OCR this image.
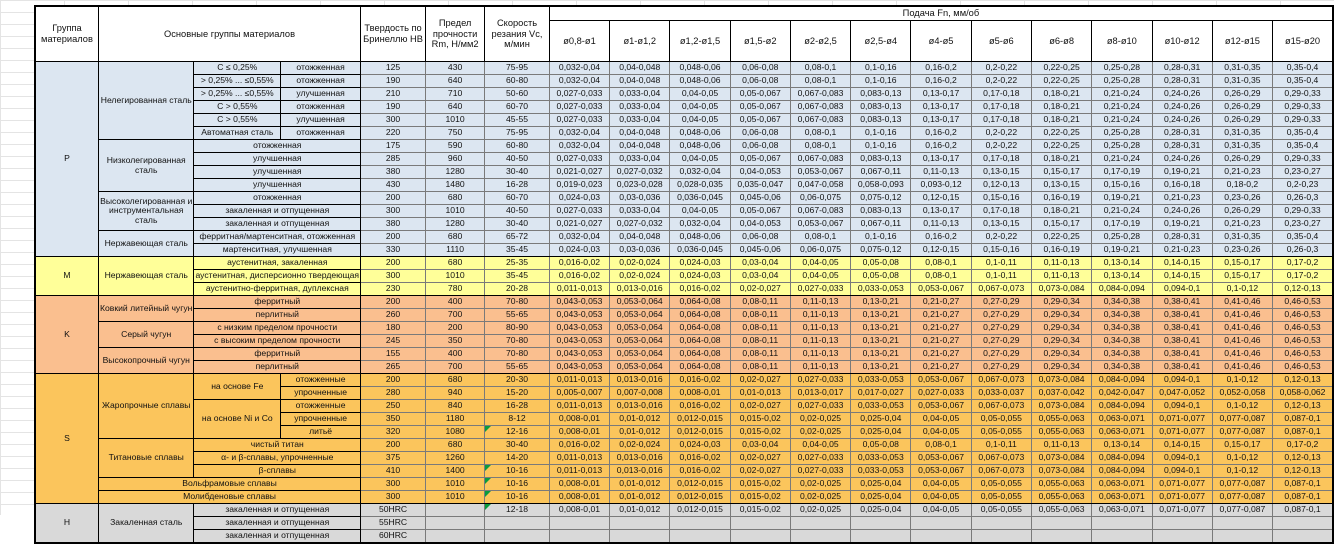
Группа материалов	Основные группы материалов			Твердость по Бринеллю HB	Предел прочности Rm, Н/мм2	Скорость резания Vc, м/мин	Подача Fn, мм/об												
							ø0,8-ø1	ø1-ø1,2	ø1,2-ø1,5	ø1,5-ø2	ø2-ø2,5	ø2,5-ø4	ø4-ø5	ø5-ø6	ø6-ø8	ø8-ø10	ø10-ø12	ø12-ø15	ø15-ø20
P	Нелегированная сталь	С ≤ 0,25%	отожженная	125	430	75-95	0,032-0,04	0,04-0,048	0,048-0,06	0,06-0,08	0,08-0,1	0,1-0,16	0,16-0,2	0,2-0,22	0,22-0,25	0,25-0,28	0,28-0,31	0,31-0,35	0,35-0,4
		> 0,25% ... ≤0,55%	отожженная	190	640	60-80	0,032-0,04	0,04-0,048	0,048-0,06	0,06-0,08	0,08-0,1	0,1-0,16	0,16-0,2	0,2-0,22	0,22-0,25	0,25-0,28	0,28-0,31	0,31-0,35	0,35-0,4
		> 0,25% ... ≤0,55%	улучшенная	210	710	50-60	0,027-0,033	0,033-0,04	0,04-0,05	0,05-0,067	0,067-0,083	0,083-0,13	0,13-0,17	0,17-0,18	0,18-0,21	0,21-0,24	0,24-0,26	0,26-0,29	0,29-0,33
		С > 0,55%	отожженная	190	640	60-70	0,027-0,033	0,033-0,04	0,04-0,05	0,05-0,067	0,067-0,083	0,083-0,13	0,13-0,17	0,17-0,18	0,18-0,21	0,21-0,24	0,24-0,26	0,26-0,29	0,29-0,33
		С > 0,55%	улучшенная	300	1010	45-55	0,027-0,033	0,033-0,04	0,04-0,05	0,05-0,067	0,067-0,083	0,083-0,13	0,13-0,17	0,17-0,18	0,18-0,21	0,21-0,24	0,24-0,26	0,26-0,29	0,29-0,33
		Автоматная сталь	отожженная	220	750	75-95	0,032-0,04	0,04-0,048	0,048-0,06	0,06-0,08	0,08-0,1	0,1-0,16	0,16-0,2	0,2-0,22	0,22-0,25	0,25-0,28	0,28-0,31	0,31-0,35	0,35-0,4
	Низколегированная сталь	отожженная		175	590	60-80	0,032-0,04	0,04-0,048	0,048-0,06	0,06-0,08	0,08-0,1	0,1-0,16	0,16-0,2	0,2-0,22	0,22-0,25	0,25-0,28	0,28-0,31	0,31-0,35	0,35-0,4
		улучшенная		285	960	40-50	0,027-0,033	0,033-0,04	0,04-0,05	0,05-0,067	0,067-0,083	0,083-0,13	0,13-0,17	0,17-0,18	0,18-0,21	0,21-0,24	0,24-0,26	0,26-0,29	0,29-0,33
		улучшенная		380	1280	30-40	0,021-0,027	0,027-0,032	0,032-0,04	0,04-0,053	0,053-0,067	0,067-0,11	0,11-0,13	0,13-0,15	0,15-0,17	0,17-0,19	0,19-0,21	0,21-0,23	0,23-0,27
		улучшенная		430	1480	16-28	0,019-0,023	0,023-0,028	0,028-0,035	0,035-0,047	0,047-0,058	0,058-0,093	0,093-0,12	0,12-0,13	0,13-0,15	0,15-0,16	0,16-0,18	0,18-0,2	0,2-0,23
	Высоколегированная и инструментальная сталь	отожженная		200	680	60-70	0,024-0,03	0,03-0,036	0,036-0,045	0,045-0,06	0,06-0,075	0,075-0,12	0,12-0,15	0,15-0,16	0,16-0,19	0,19-0,21	0,21-0,23	0,23-0,26	0,26-0,3
		закаленная и отпущенная		300	1010	40-50	0,027-0,033	0,033-0,04	0,04-0,05	0,05-0,067	0,067-0,083	0,083-0,13	0,13-0,17	0,17-0,18	0,18-0,21	0,21-0,24	0,24-0,26	0,26-0,29	0,29-0,33
		закаленная и отпущенная		380	1280	30-40	0,021-0,027	0,027-0,032	0,032-0,04	0,04-0,053	0,053-0,067	0,067-0,11	0,11-0,13	0,13-0,15	0,15-0,17	0,17-0,19	0,19-0,21	0,21-0,23	0,23-0,27
	Нержавеющая сталь	ферритная/мартенситная, отожженная		200	680	65-72	0,032-0,04	0,04-0,048	0,048-0,06	0,06-0,08	0,08-0,1	0,1-0,16	0,16-0,2	0,2-0,22	0,22-0,25	0,25-0,28	0,28-0,31	0,31-0,35	0,35-0,4
		мартенситная, улучшенная		330	1110	35-45	0,024-0,03	0,03-0,036	0,036-0,045	0,045-0,06	0,06-0,075	0,075-0,12	0,12-0,15	0,15-0,16	0,16-0,19	0,19-0,21	0,21-0,23	0,23-0,26	0,26-0,3
M	Нержавеющая сталь	аустенитная, закаленная		200	680	25-35	0,016-0,02	0,02-0,024	0,024-0,03	0,03-0,04	0,04-0,05	0,05-0,08	0,08-0,1	0,1-0,11	0,11-0,13	0,13-0,14	0,14-0,15	0,15-0,17	0,17-0,2
		аустенитная, дисперсионно твердеющая		300	1010	35-45	0,016-0,02	0,02-0,024	0,024-0,03	0,03-0,04	0,04-0,05	0,05-0,08	0,08-0,1	0,1-0,11	0,11-0,13	0,13-0,14	0,14-0,15	0,15-0,17	0,17-0,2
		аустенитно-ферритная, дуплексная		230	780	20-28	0,011-0,013	0,013-0,016	0,016-0,02	0,02-0,027	0,027-0,033	0,033-0,053	0,053-0,067	0,067-0,073	0,073-0,084	0,084-0,094	0,094-0,1	0,1-0,12	0,12-0,13
K	Ковкий литейный чугун	ферритный		200	400	70-80	0,043-0,053	0,053-0,064	0,064-0,08	0,08-0,11	0,11-0,13	0,13-0,21	0,21-0,27	0,27-0,29	0,29-0,34	0,34-0,38	0,38-0,41	0,41-0,46	0,46-0,53
		перлитный		260	700	55-65	0,043-0,053	0,053-0,064	0,064-0,08	0,08-0,11	0,11-0,13	0,13-0,21	0,21-0,27	0,27-0,29	0,29-0,34	0,34-0,38	0,38-0,41	0,41-0,46	0,46-0,53
	Серый чугун	с низким пределом прочности		180	200	80-90	0,043-0,053	0,053-0,064	0,064-0,08	0,08-0,11	0,11-0,13	0,13-0,21	0,21-0,27	0,27-0,29	0,29-0,34	0,34-0,38	0,38-0,41	0,41-0,46	0,46-0,53
		с высоким пределом прочности		245	350	70-80	0,043-0,053	0,053-0,064	0,064-0,08	0,08-0,11	0,11-0,13	0,13-0,21	0,21-0,27	0,27-0,29	0,29-0,34	0,34-0,38	0,38-0,41	0,41-0,46	0,46-0,53
	Высокопрочный чугун	ферритный		155	400	70-80	0,043-0,053	0,053-0,064	0,064-0,08	0,08-0,11	0,11-0,13	0,13-0,21	0,21-0,27	0,27-0,29	0,29-0,34	0,34-0,38	0,38-0,41	0,41-0,46	0,46-0,53
		перлитный		265	700	55-65	0,043-0,053	0,053-0,064	0,064-0,08	0,08-0,11	0,11-0,13	0,13-0,21	0,21-0,27	0,27-0,29	0,29-0,34	0,34-0,38	0,38-0,41	0,41-0,46	0,46-0,53
S	Жаропрочные сплавы	на основе Fe	отожженные	200	680	20-30	0,011-0,013	0,013-0,016	0,016-0,02	0,02-0,027	0,027-0,033	0,033-0,053	0,053-0,067	0,067-0,073	0,073-0,084	0,084-0,094	0,094-0,1	0,1-0,12	0,12-0,13
			упрочненные	280	940	15-20	0,005-0,007	0,007-0,008	0,008-0,01	0,01-0,013	0,013-0,017	0,017-0,027	0,027-0,033	0,033-0,037	0,037-0,042	0,042-0,047	0,047-0,052	0,052-0,058	0,058-0,062
		на основе Ni и Co	отожженные	250	840	16-28	0,011-0,013	0,013-0,016	0,016-0,02	0,02-0,027	0,027-0,033	0,033-0,053	0,053-0,067	0,067-0,073	0,073-0,084	0,084-0,094	0,094-0,1	0,1-0,12	0,12-0,13
			упрочненные	350	1180	8-12	0,008-0,01	0,01-0,012	0,012-0,015	0,015-0,02	0,02-0,025	0,025-0,04	0,04-0,05	0,05-0,055	0,055-0,063	0,063-0,071	0,071-0,077	0,077-0,087	0,087-0,1
			литьё	320	1080	12-16	0,008-0,01	0,01-0,012	0,012-0,015	0,015-0,02	0,02-0,025	0,025-0,04	0,04-0,05	0,05-0,055	0,055-0,063	0,063-0,071	0,071-0,077	0,077-0,087	0,087-0,1
	Титановые сплавы	чистый титан		200	680	30-40	0,016-0,02	0,02-0,024	0,024-0,03	0,03-0,04	0,04-0,05	0,05-0,08	0,08-0,1	0,1-0,11	0,11-0,13	0,13-0,14	0,14-0,15	0,15-0,17	0,17-0,2
		α- и β-сплавы, упрочненные		375	1260	14-20	0,011-0,013	0,013-0,016	0,016-0,02	0,02-0,027	0,027-0,033	0,033-0,053	0,053-0,067	0,067-0,073	0,073-0,084	0,084-0,094	0,094-0,1	0,1-0,12	0,12-0,13
		β-сплавы		410	1400	10-16	0,011-0,013	0,013-0,016	0,016-0,02	0,02-0,027	0,027-0,033	0,033-0,053	0,053-0,067	0,067-0,073	0,073-0,084	0,084-0,094	0,094-0,1	0,1-0,12	0,12-0,13
	Вольфрамовые сплавы			300	1010	10-16	0,008-0,01	0,01-0,012	0,012-0,015	0,015-0,02	0,02-0,025	0,025-0,04	0,04-0,05	0,05-0,055	0,055-0,063	0,063-0,071	0,071-0,077	0,077-0,087	0,087-0,1
	Молибденовые сплавы			300	1010	10-16	0,008-0,01	0,01-0,012	0,012-0,015	0,015-0,02	0,02-0,025	0,025-0,04	0,04-0,05	0,05-0,055	0,055-0,063	0,063-0,071	0,071-0,077	0,077-0,087	0,087-0,1
H	Закаленная сталь	закаленная и отпущенная		50HRC		12-18	0,008-0,01	0,01-0,012	0,012-0,015	0,015-0,02	0,02-0,025	0,025-0,04	0,04-0,05	0,05-0,055	0,055-0,063	0,063-0,071	0,071-0,077	0,077-0,087	0,087-0,1
		закаленная и отпущенная		55HRC															
		закаленная и отпущенная		60HRC															
